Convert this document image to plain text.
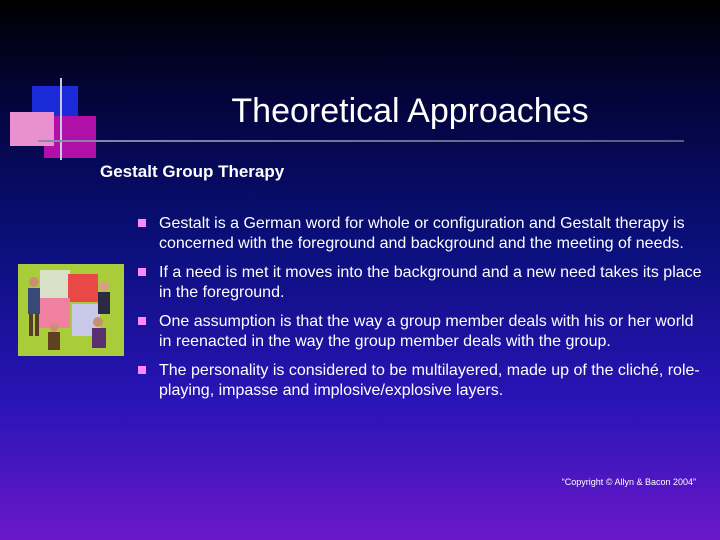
Theoretical Approaches
Gestalt Group Therapy
Gestalt is a German word for whole or configuration and Gestalt therapy is concerned with the foreground and background and the meeting of needs.
If a need is met it moves into the background and a new need takes its place in the foreground.
One assumption is that the way a group member deals with his or her world in reenacted in the way the group member deals with the group.
The personality is considered to be multilayered, made up of the cliché, role-playing, impasse and implosive/explosive layers.
“Copyright © Allyn & Bacon 2004”
